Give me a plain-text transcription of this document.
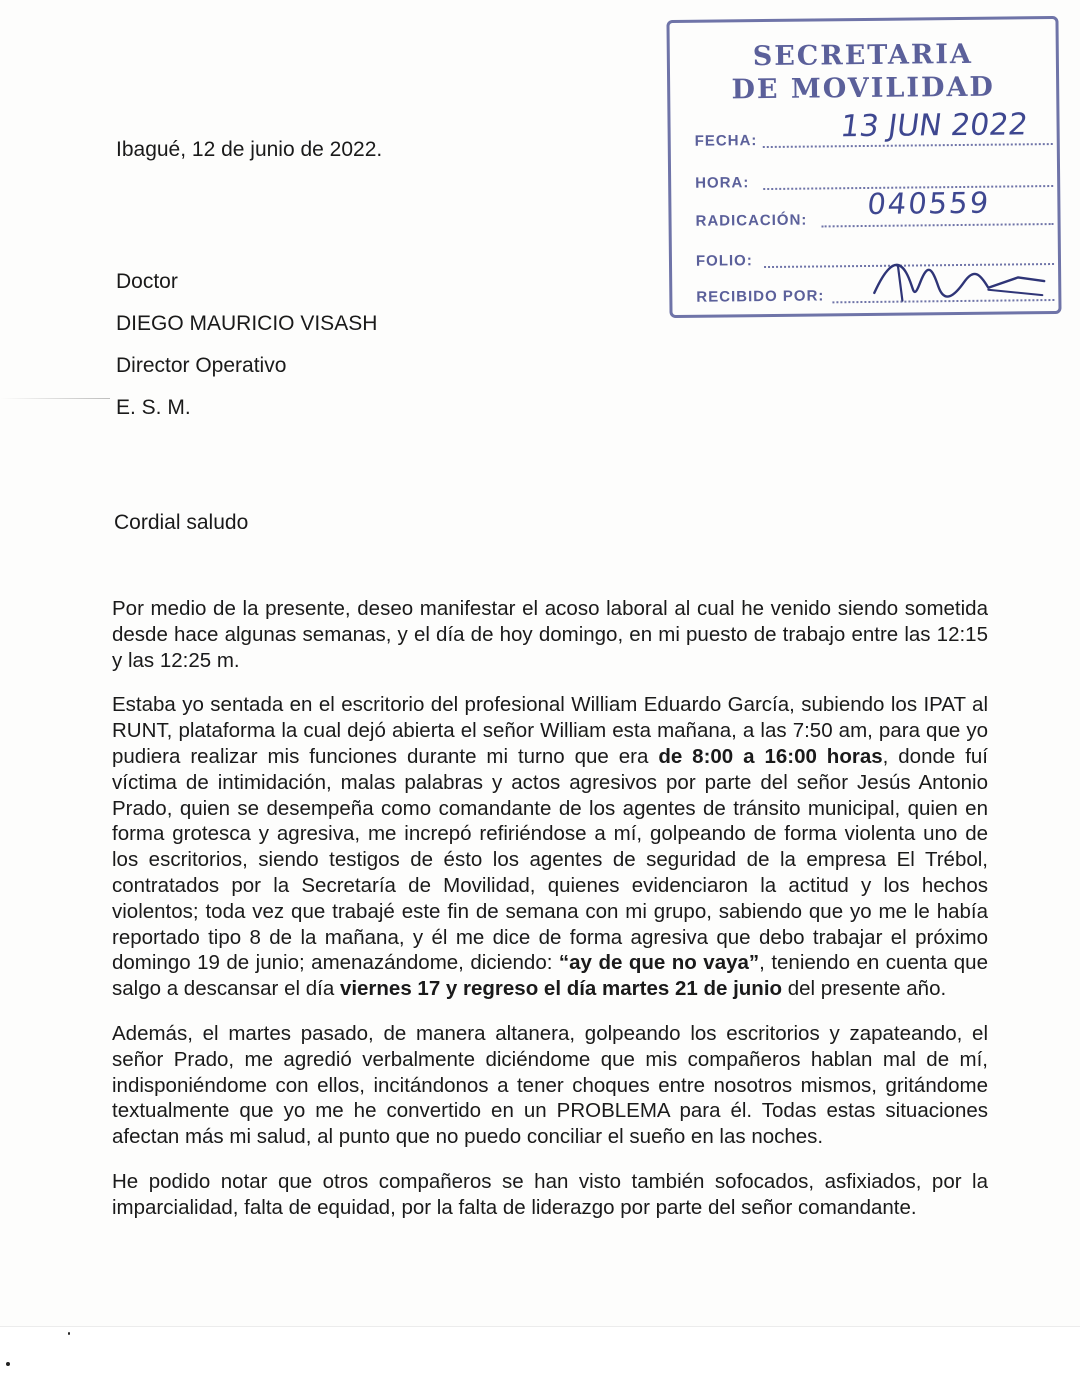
Ibagué, 12 de junio de 2022.
Doctor
DIEGO MAURICIO VISASH
Director Operativo
E. S. M.
Cordial saludo

Por medio de la presente, deseo manifestar el acoso laboral al cual he venido siendo sometida desde hace algunas semanas, y el día de hoy domingo, en mi puesto de trabajo entre las 12:15 y las 12:25 m.

Estaba yo sentada en el escritorio del profesional William Eduardo García, subiendo los IPAT al RUNT, plataforma la cual dejó abierta el señor William esta mañana, a las 7:50 am, para que yo pudiera realizar mis funciones durante mi turno que era de 8:00 a 16:00 horas, donde fuí víctima de intimidación, malas palabras y actos agresivos por parte del señor Jesús Antonio Prado, quien se desempeña como comandante de los agentes de tránsito municipal, quien en forma grotesca y agresiva, me increpó refiriéndose a mí, golpeando de forma violenta uno de los escritorios, siendo testigos de ésto los agentes de seguridad de la empresa El Trébol, contratados por la Secretaría de Movilidad, quienes evidenciaron la actitud y los hechos violentos; toda vez que trabajé este fin de semana con mi grupo, sabiendo que yo me le había reportado tipo 8 de la mañana, y él me dice de forma agresiva que debo trabajar el próximo domingo 19 de junio; amenazándome, diciendo: “ay de que no vaya”, teniendo en cuenta que salgo a descansar el día viernes 17 y regreso el día martes 21 de junio del presente año.

Además, el martes pasado, de manera altanera, golpeando los escritorios y zapateando, el señor Prado, me agredió verbalmente diciéndome que mis compañeros hablan mal de mí, indisponiéndome con ellos, incitándonos a tener choques entre nosotros mismos, gritándome textualmente que yo me he convertido en un PROBLEMA para él. Todas estas situaciones afectan más mi salud, al punto que no puedo conciliar el sueño en las noches.

He podido notar que otros compañeros se han visto también sofocados, asfixiados, por la imparcialidad, falta de equidad, por la falta de liderazgo por parte del señor comandante.

SECRETARIA
DE MOVILIDAD
FECHA:	13 JUN 2022
HORA:
RADICACIÓN: 040559
FOLIO:
RECIBIDO POR:
